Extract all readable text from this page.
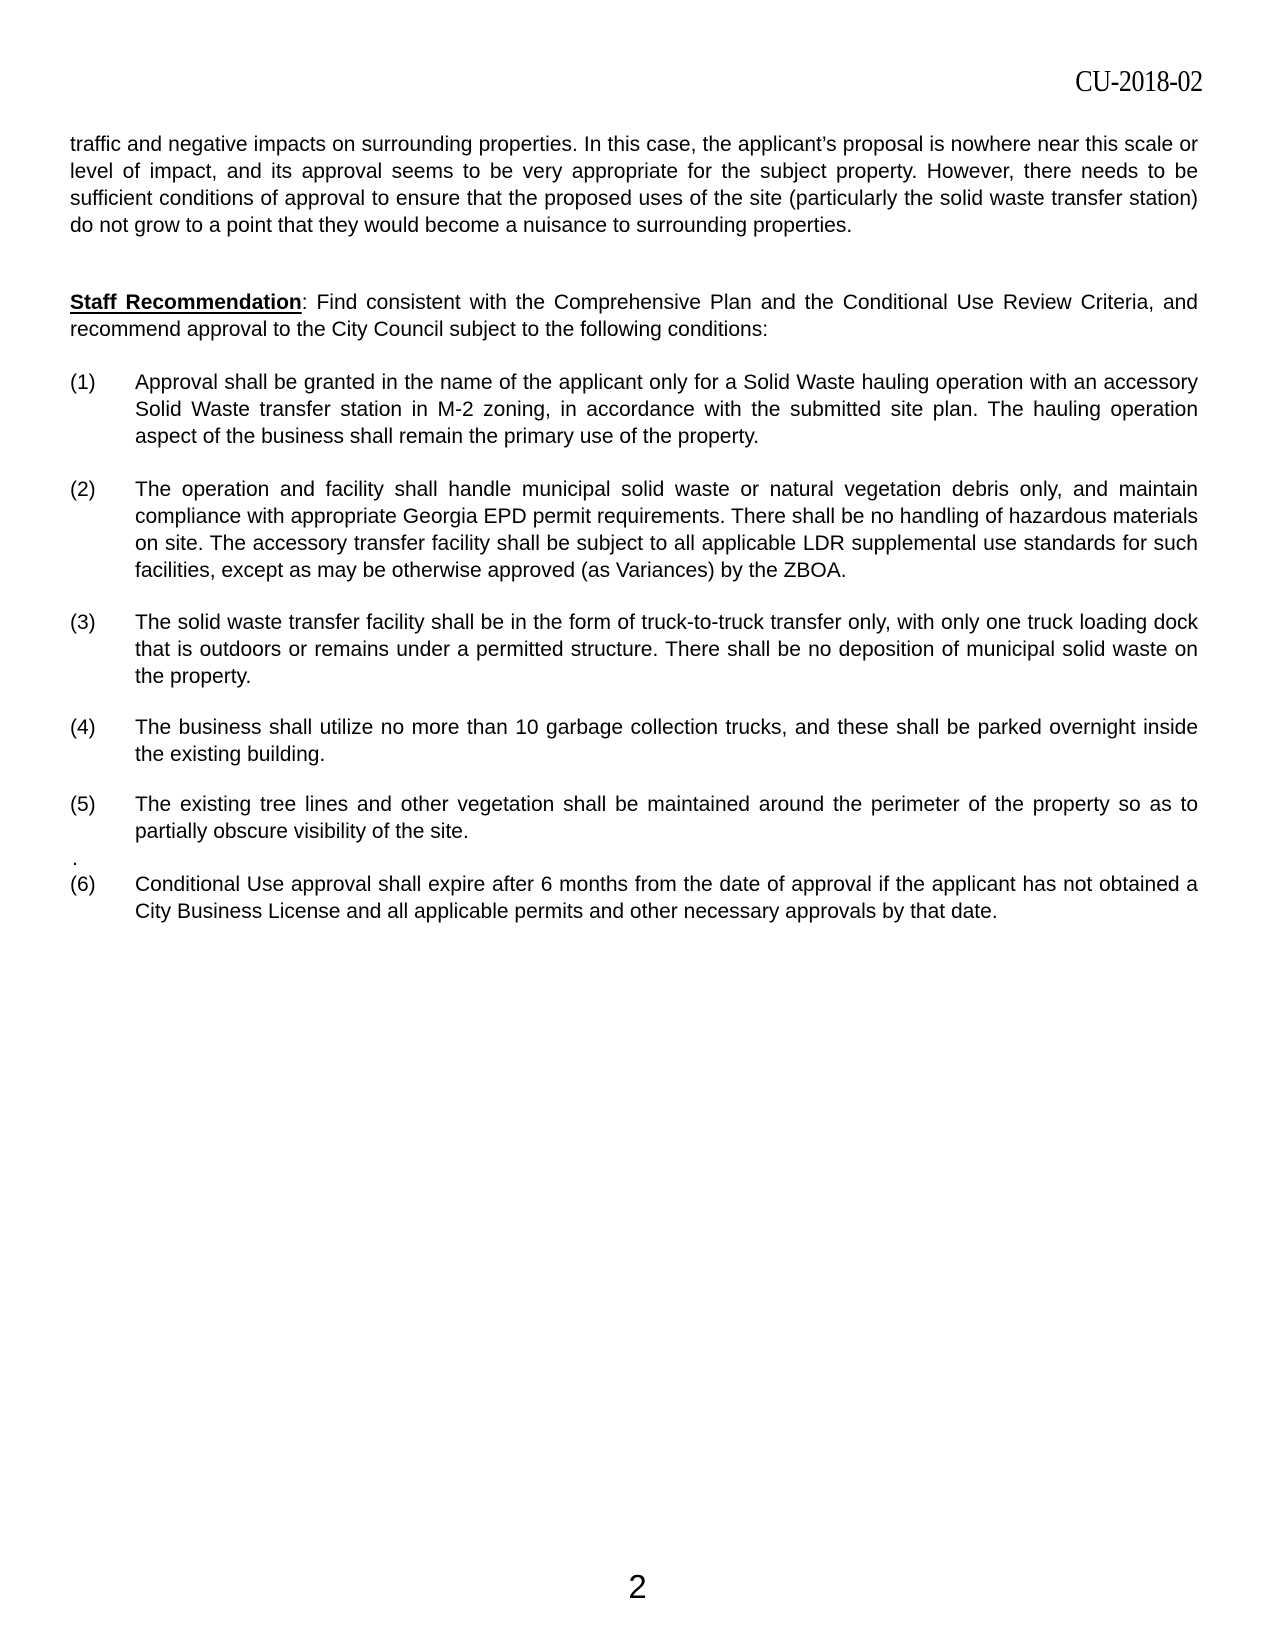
CU-2018-02

traffic and negative impacts on surrounding properties. In this case, the applicant’s proposal is nowhere near this scale or level of impact, and its approval seems to be very appropriate for the subject property. However, there needs to be sufficient conditions of approval to ensure that the proposed uses of the site (particularly the solid waste transfer station) do not grow to a point that they would become a nuisance to surrounding properties.

Staff Recommendation: Find consistent with the Comprehensive Plan and the Conditional Use Review Criteria, and recommend approval to the City Council subject to the following conditions:

(1)	Approval shall be granted in the name of the applicant only for a Solid Waste hauling operation with an accessory Solid Waste transfer station in M-2 zoning, in accordance with the submitted site plan. The hauling operation aspect of the business shall remain the primary use of the property.
(2)	The operation and facility shall handle municipal solid waste or natural vegetation debris only, and maintain compliance with appropriate Georgia EPD permit requirements. There shall be no handling of hazardous materials on site. The accessory transfer facility shall be subject to all applicable LDR supplemental use standards for such facilities, except as may be otherwise approved (as Variances) by the ZBOA.
(3)	The solid waste transfer facility shall be in the form of truck-to-truck transfer only, with only one truck loading dock that is outdoors or remains under a permitted structure. There shall be no deposition of municipal solid waste on the property.
(4)	The business shall utilize no more than 10 garbage collection trucks, and these shall be parked overnight inside the existing building.
(5)	The existing tree lines and other vegetation shall be maintained around the perimeter of the property so as to partially obscure visibility of the site.
.
(6)	Conditional Use approval shall expire after 6 months from the date of approval if the applicant has not obtained a City Business License and all applicable permits and other necessary approvals by that date.
2
